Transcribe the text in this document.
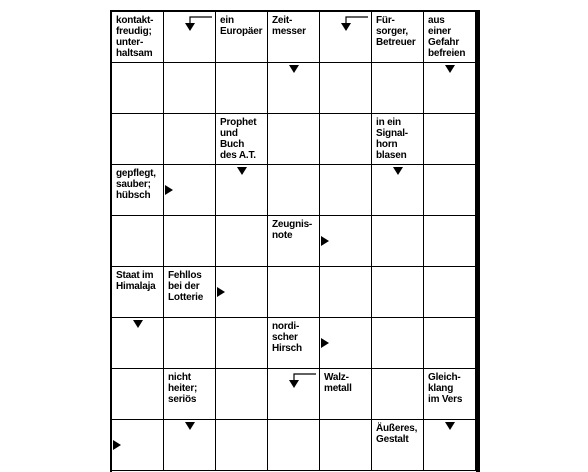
kontakt-
freudig;
unter-
haltsam
ein
Europäer
Zeit-
messer
Für-
sorger,
Betreuer
aus
einer
Gefahr
befreien
Prophet
und
Buch
des A.T.
in ein
Signal-
horn
blasen
gepflegt,
sauber;
hübsch
Zeugnis-
note
Staat im
Himalaja
Fehllos
bei der
Lotterie
nordi-
scher
Hirsch
nicht
heiter;
seriös
Walz-
metall
Gleich-
klang
im Vers
Äußeres,
Gestalt
